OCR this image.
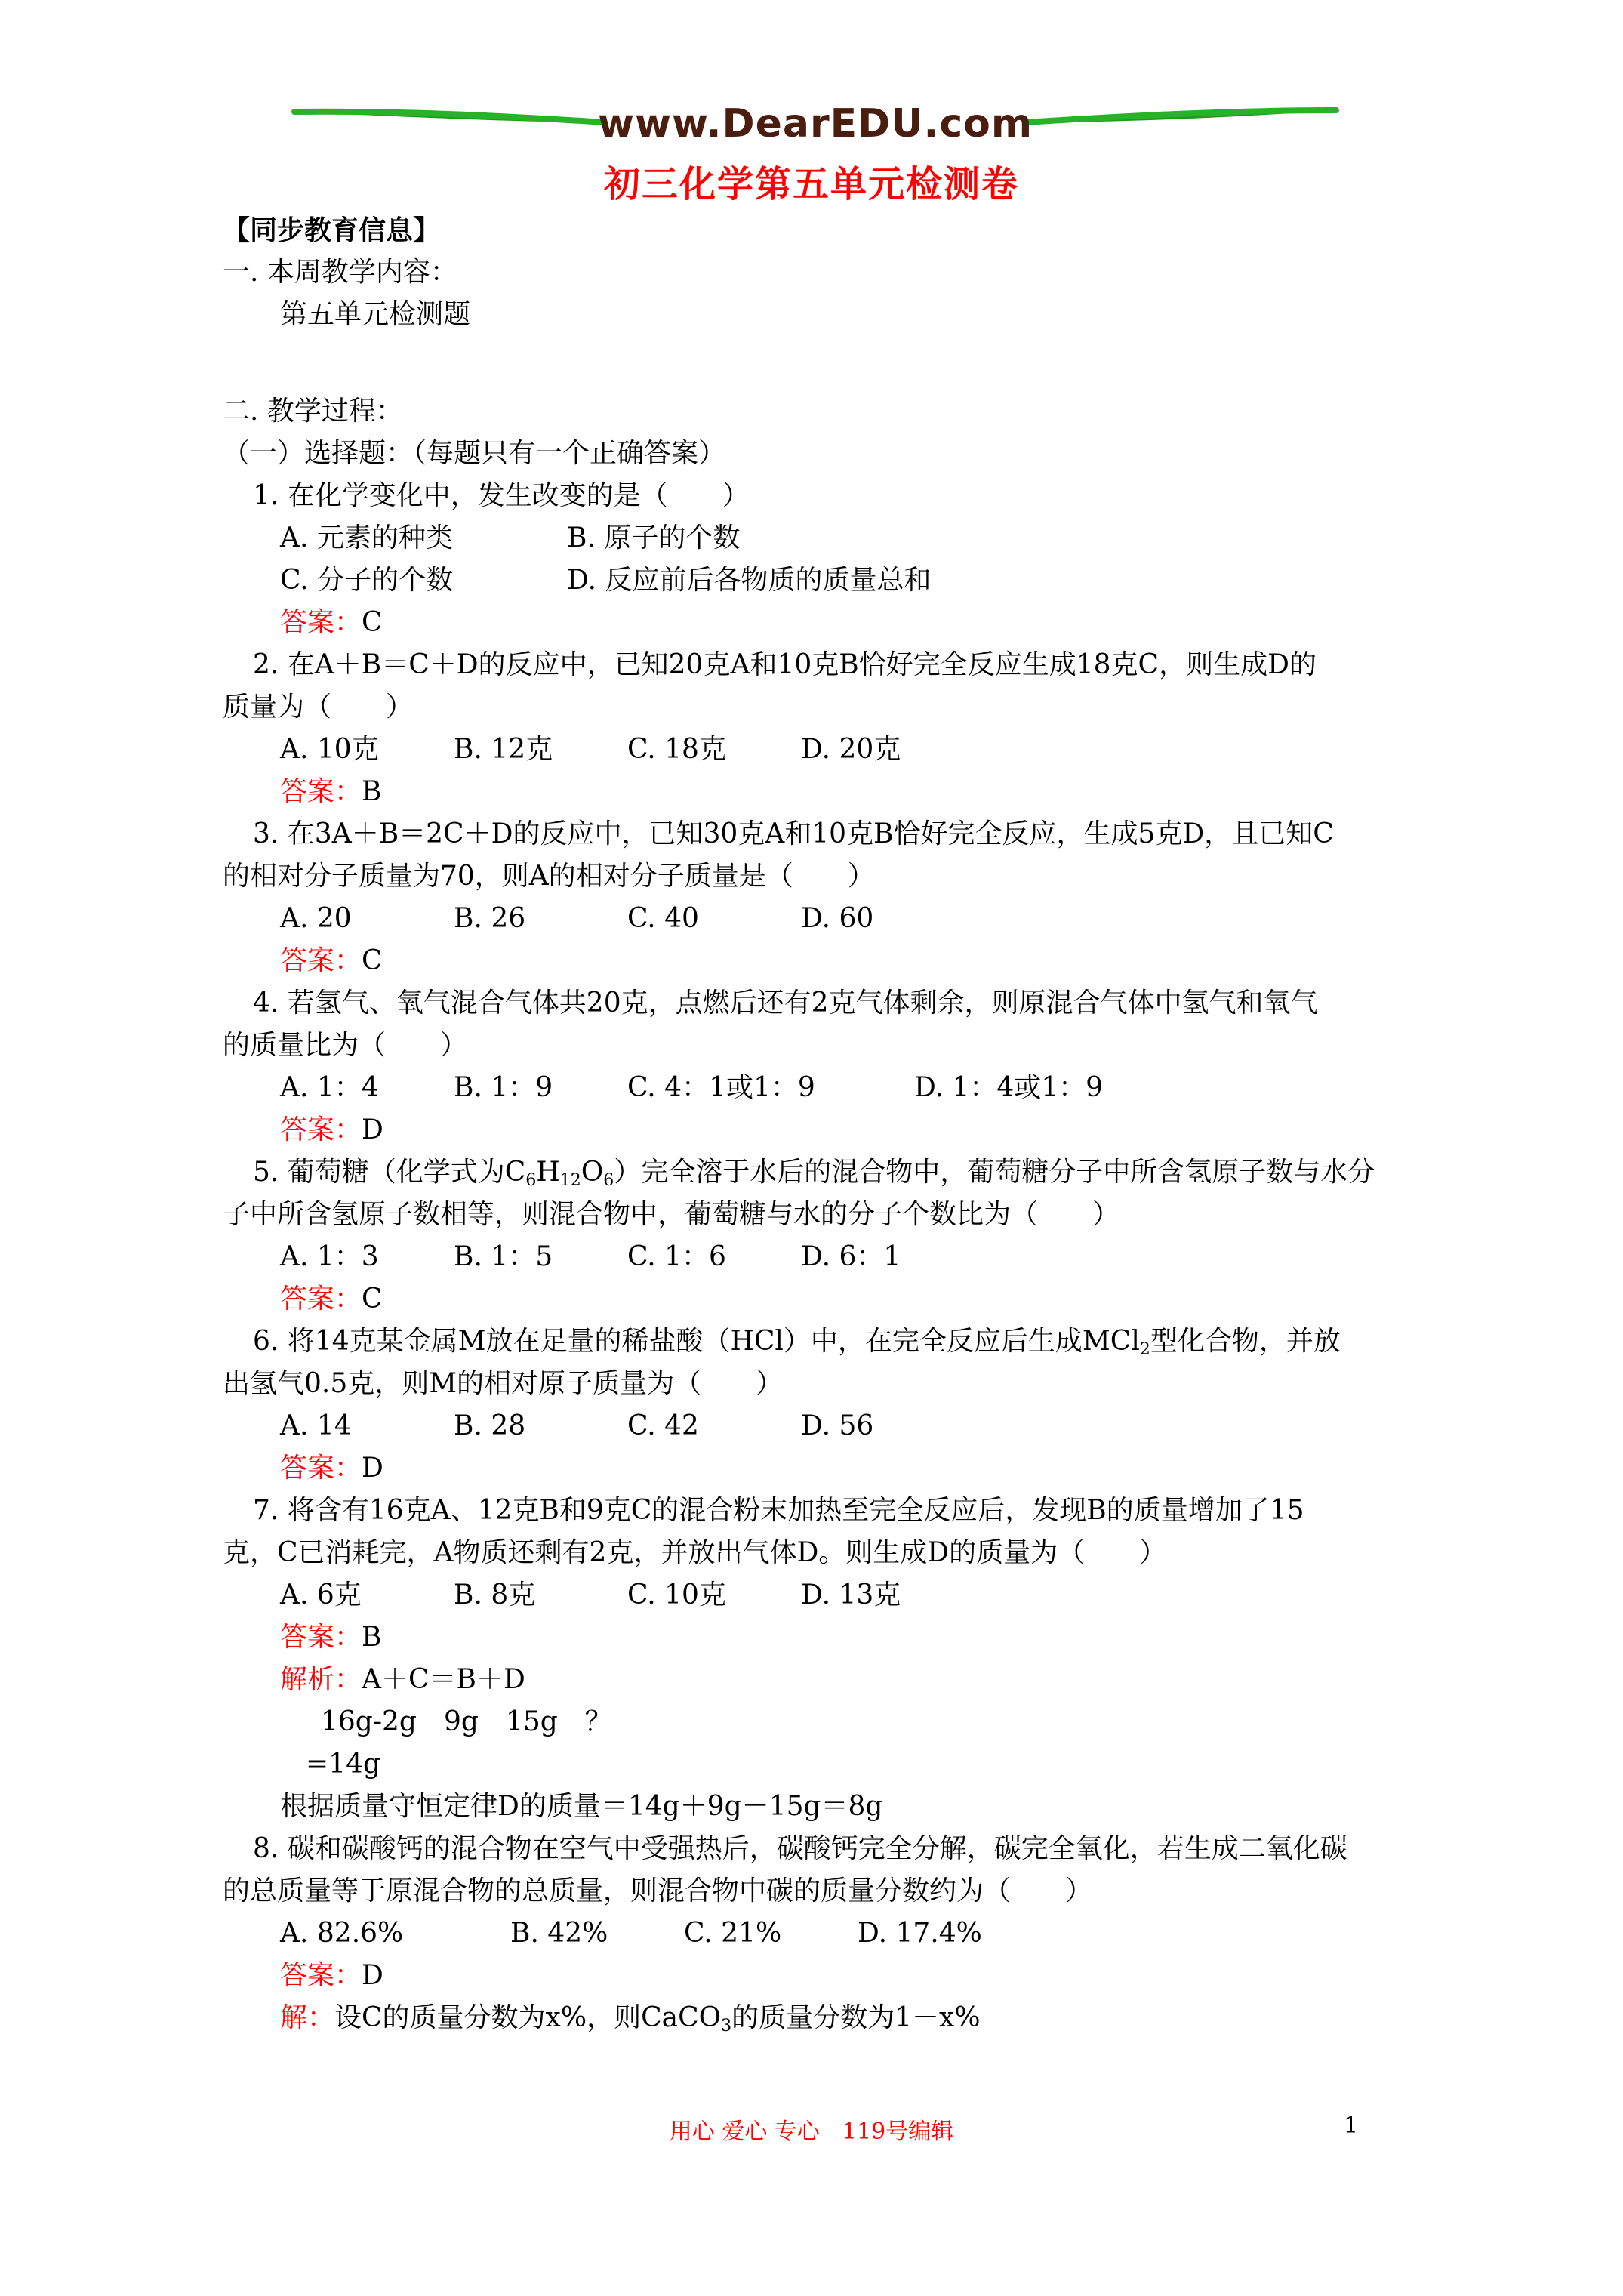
www.DearEDU.com
初三化学第五单元检测卷
【同步教育信息】
一. 本周教学内容：
第五单元检测题
二. 教学过程：
（一）选择题：（每题只有一个正确答案）
1. 在化学变化中，发生改变的是（　　）
A. 元素的种类	B. 原子的个数
C. 分子的个数	D. 反应前后各物质的质量总和
答案：C
2. 在A＋B＝C＋D的反应中，已知20克A和10克B恰好完全反应生成18克C，则生成D的
质量为（　　）
A. 10克	B. 12克	C. 18克	D. 20克
答案：B
3. 在3A＋B＝2C＋D的反应中，已知30克A和10克B恰好完全反应，生成5克D，且已知C
的相对分子质量为70，则A的相对分子质量是（　　）
A. 20	B. 26	C. 40	D. 60
答案：C
4. 若氢气、氧气混合气体共20克，点燃后还有2克气体剩余，则原混合气体中氢气和氧气
的质量比为（　　）
A. 1：4	B. 1：9	C. 4：1或1：9	D. 1：4或1：9
答案：D
5. 葡萄糖（化学式为$C_6H_{12}O_6$）完全溶于水后的混合物中，葡萄糖分子中所含氢原子数与水分
子中所含氢原子数相等，则混合物中，葡萄糖与水的分子个数比为（　　）
A. 1：3	B. 1：5	C. 1：6	D. 6：1
答案：C
6. 将14克某金属M放在足量的稀盐酸（HCl）中，在完全反应后生成MCl$_2$型化合物，并放
出氢气0.5克，则M的相对原子质量为（　　）
A. 14	B. 28	C. 42	D. 56
答案：D
7. 将含有16克A、12克B和9克C的混合粉末加热至完全反应后，发现B的质量增加了15
克，C已消耗完，A物质还剩有2克，并放出气体D。则生成D的质量为（　　）
A. 6克	B. 8克	C. 10克	D. 13克
答案：B
解析：A＋C＝B＋D
16g-2g　9g　15g　？
=14g
根据质量守恒定律D的质量＝14g＋9g－15g＝8g
8. 碳和碳酸钙的混合物在空气中受强热后，碳酸钙完全分解，碳完全氧化，若生成二氧化碳
的总质量等于原混合物的总质量，则混合物中碳的质量分数约为（　　）
A. 82.6%	B. 42%	C. 21%	D. 17.4%
答案：D
解：设C的质量分数为x%，则CaCO$_3$的质量分数为1－x%
用心 爱心 专心　119号编辑	1
